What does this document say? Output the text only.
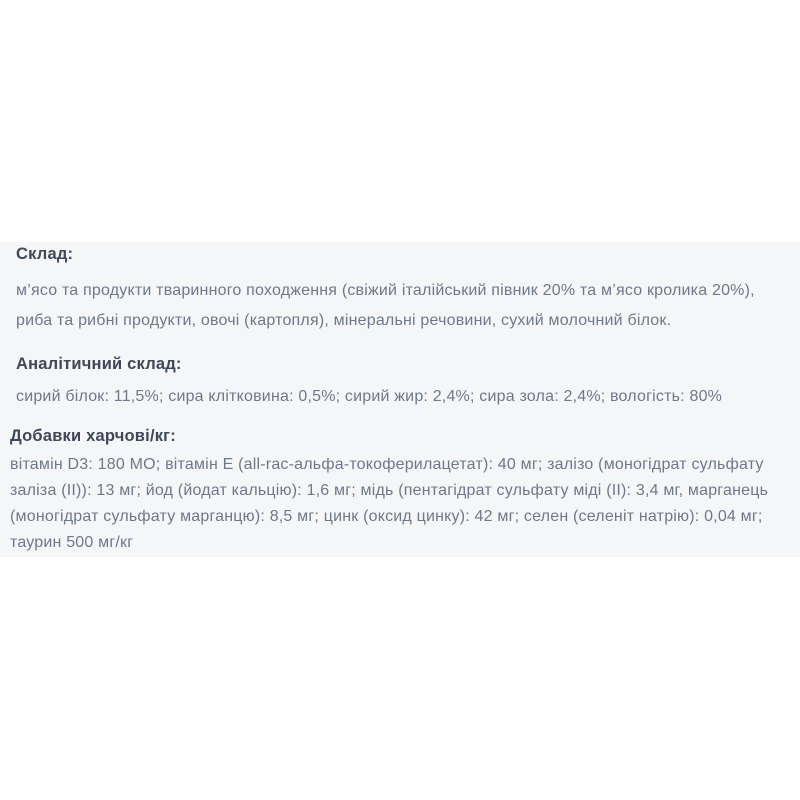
Склад:
м’ясо та продукти тваринного походження (свіжий італійський півник 20% та м’ясо кролика 20%),
риба та рибні продукти, овочі (картопля), мінеральні речовини, сухий молочний білок.
Аналітичний склад:
сирий білок: 11,5%; сира клітковина: 0,5%; сирий жир: 2,4%; сира зола: 2,4%; вологість: 80%
Добавки харчові/кг:
вітамін D3: 180 МО; вітамін E (all-rac-альфа-токоферилацетат): 40 мг; залізо (моногідрат сульфату
заліза (II)): 13 мг; йод (йодат кальцію): 1,6 мг; мідь (пентагідрат сульфату міді (II): 3,4 мг, марганець
(моногідрат сульфату марганцю): 8,5 мг; цинк (оксид цинку): 42 мг; селен (селеніт натрію): 0,04 мг;
таурин 500 мг/кг
